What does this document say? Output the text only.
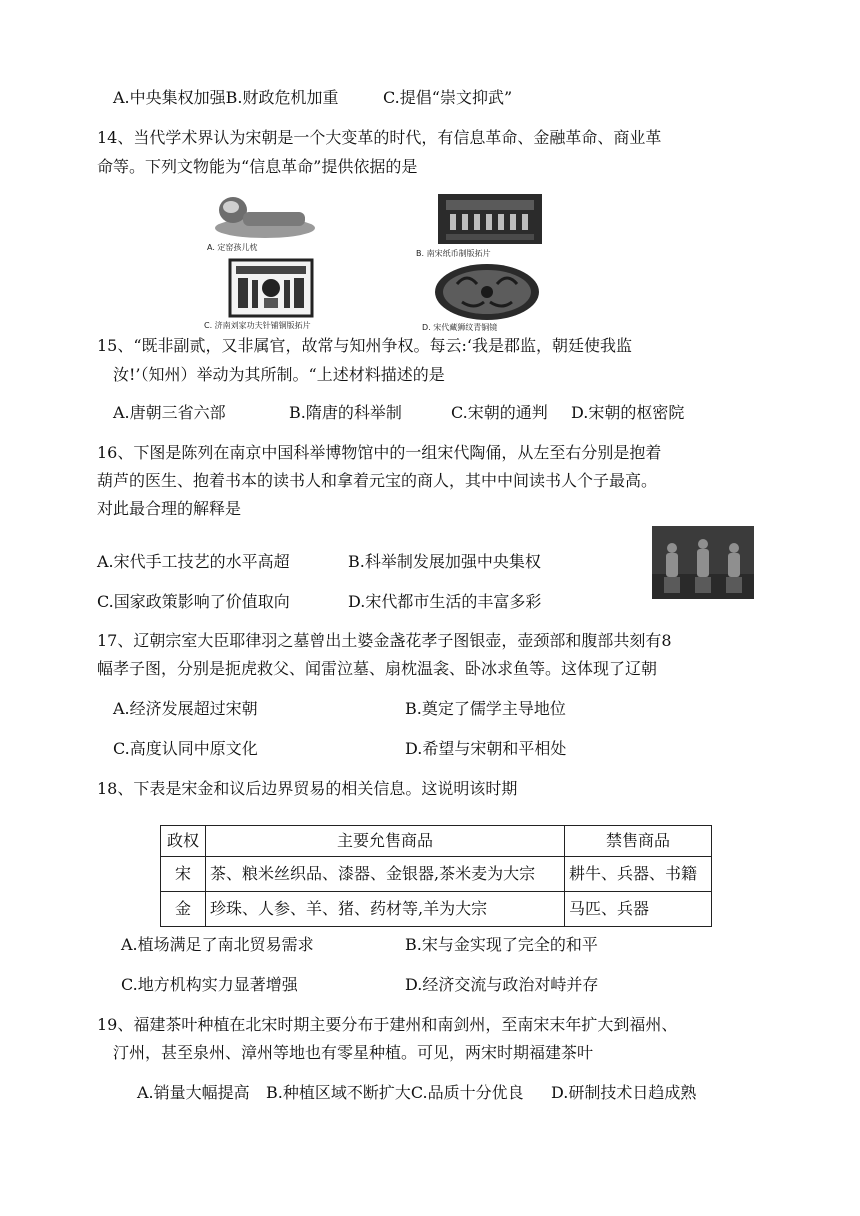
A.中央集权加强B.财政危机加重	C.提倡“崇文抑武”
14、当代学术界认为宋朝是一个大变革的时代，有信息革命、金融革命、商业革
命等。下列文物能为“信息革命”提供依据的是
A. 定窑孩儿枕
B. 南宋纸币制版拓片
C. 济南刘家功夫针铺铜版拓片	D. 宋代藏狮纹青铜镜
15、“既非副贰，又非属官，故常与知州争权。每云:‘我是郡监，朝廷使我监
汝!’（知州）举动为其所制。“上述材料描述的是
A.唐朝三省六部	B.隋唐的科举制	C.宋朝的通判 D.宋朝的枢密院
16、下图是陈列在南京中国科举博物馆中的一组宋代陶俑，从左至右分别是抱着
葫芦的医生、抱着书本的读书人和拿着元宝的商人，其中中间读书人个子最高。
对此最合理的解释是
A.宋代手工技艺的水平高超	B.科举制发展加强中央集权
C.国家政策影响了价值取向	D.宋代都市生活的丰富多彩
17、辽朝宗室大臣耶律羽之墓曾出土婆金盏花孝子图银壶，壶颈部和腹部共刻有8
幅孝子图，分别是扼虎救父、闻雷泣墓、扇枕温衾、卧冰求鱼等。这体现了辽朝
A.经济发展超过宋朝	B.奠定了儒学主导地位
C.高度认同中原文化	D.希望与宋朝和平相处
18、下表是宋金和议后边界贸易的相关信息。这说明该时期
政权	主要允售商品	禁售商品
宋	茶、粮米丝织品、漆器、金银器,茶米麦为大宗	耕牛、兵器、书籍
金	珍珠、人参、羊、猪、药材等,羊为大宗	马匹、兵器
A.植场满足了南北贸易需求	B.宋与金实现了完全的和平
C.地方机构实力显著增强	D.经济交流与政治对峙并存
19、福建茶叶种植在北宋时期主要分布于建州和南剑州，至南宋末年扩大到福州、
汀州，甚至泉州、漳州等地也有零星种植。可见，两宋时期福建茶叶
A.销量大幅提高 B.种植区域不断扩大C.品质十分优良 D.研制技术日趋成熟
